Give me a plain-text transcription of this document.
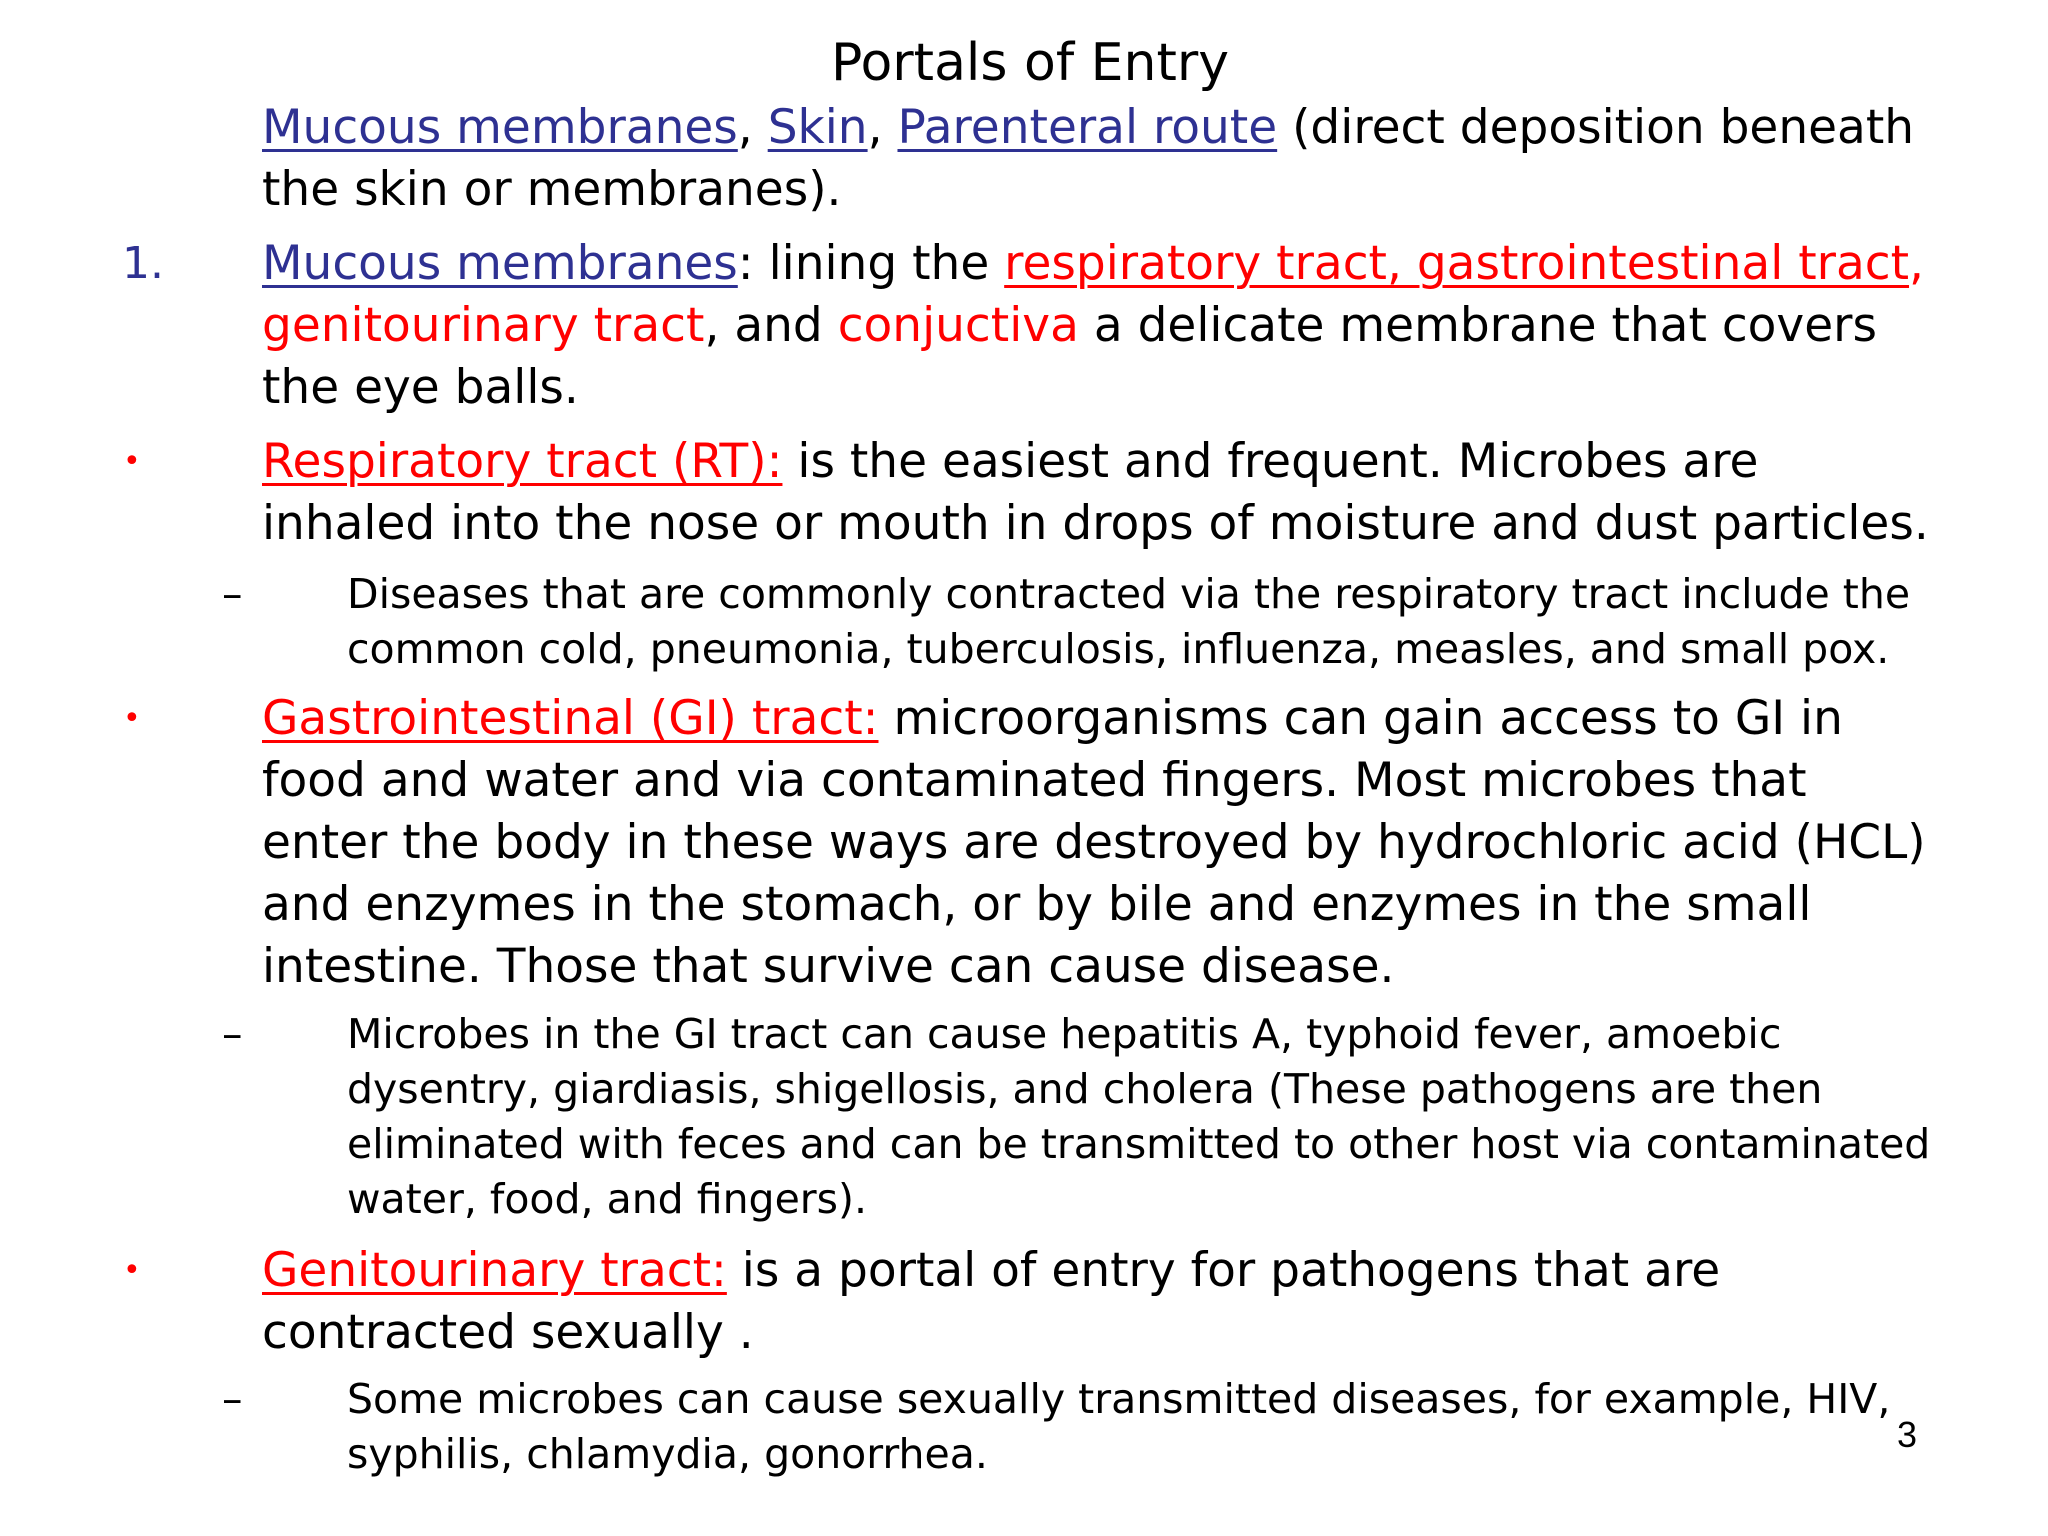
Portals of Entry
Mucous membranes, Skin, Parenteral route (direct deposition beneath
the skin or membranes).
1. Mucous membranes: lining the respiratory tract, gastrointestinal tract,
genitourinary tract, and conjuctiva a delicate membrane that covers
the eye balls.
•	Respiratory tract (RT): is the easiest and frequent. Microbes are
inhaled into the nose or mouth in drops of moisture and dust particles.
–	Diseases that are commonly contracted via the respiratory tract include the
common cold, pneumonia, tuberculosis, influenza, measles, and small pox.
•	Gastrointestinal (GI) tract: microorganisms can gain access to GI in
food and water and via contaminated fingers. Most microbes that
enter the body in these ways are destroyed by hydrochloric acid (HCL)
and enzymes in the stomach, or by bile and enzymes in the small
intestine. Those that survive can cause disease.
–	Microbes in the GI tract can cause hepatitis A, typhoid fever, amoebic
dysentry, giardiasis, shigellosis, and cholera (These pathogens are then
eliminated with feces and can be transmitted to other host via contaminated
water, food, and fingers).
•	Genitourinary tract: is a portal of entry for pathogens that are
contracted sexually .
–	Some microbes can cause sexually transmitted diseases, for example, HIV,
syphilis, chlamydia, gonorrhea.	3
